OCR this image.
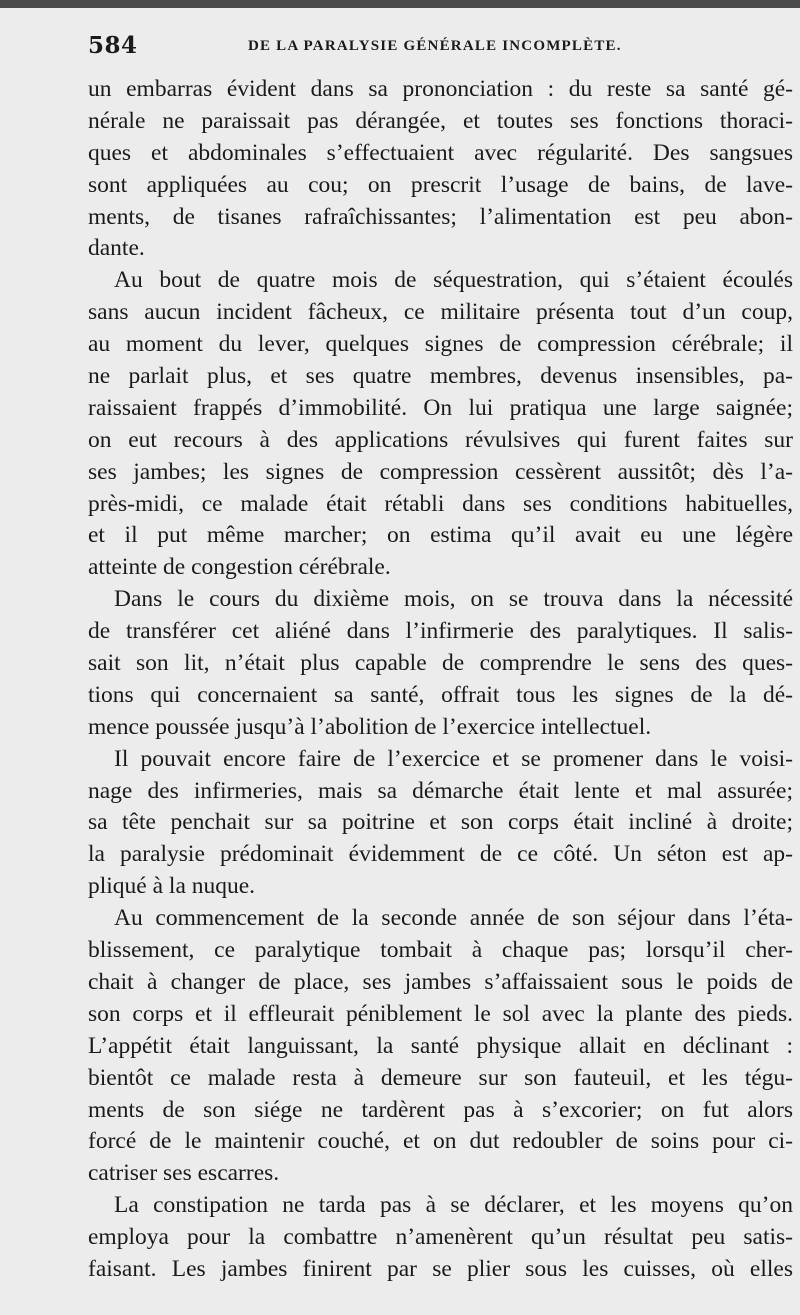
584	DE LA PARALYSIE GÉNÉRALE INCOMPLÈTE.
un embarras évident dans sa prononciation : du reste sa santé gé-
nérale ne paraissait pas dérangée, et toutes ses fonctions thoraci-
ques et abdominales s’effectuaient avec régularité. Des sangsues
sont appliquées au cou; on prescrit l’usage de bains, de lave-
ments, de tisanes rafraîchissantes; l’alimentation est peu abon-
dante.
Au bout de quatre mois de séquestration, qui s’étaient écoulés
sans aucun incident fâcheux, ce militaire présenta tout d’un coup,
au moment du lever, quelques signes de compression cérébrale; il
ne parlait plus, et ses quatre membres, devenus insensibles, pa-
raissaient frappés d’immobilité. On lui pratiqua une large saignée;
on eut recours à des applications révulsives qui furent faites sur
ses jambes; les signes de compression cessèrent aussitôt; dès l’a-
près-midi, ce malade était rétabli dans ses conditions habituelles,
et il put même marcher; on estima qu’il avait eu une légère
atteinte de congestion cérébrale.
Dans le cours du dixième mois, on se trouva dans la nécessité
de transférer cet aliéné dans l’infirmerie des paralytiques. Il salis-
sait son lit, n’était plus capable de comprendre le sens des ques-
tions qui concernaient sa santé, offrait tous les signes de la dé-
mence poussée jusqu’à l’abolition de l’exercice intellectuel.
Il pouvait encore faire de l’exercice et se promener dans le voisi-
nage des infirmeries, mais sa démarche était lente et mal assurée;
sa tête penchait sur sa poitrine et son corps était incliné à droite;
la paralysie prédominait évidemment de ce côté. Un séton est ap-
pliqué à la nuque.
Au commencement de la seconde année de son séjour dans l’éta-
blissement, ce paralytique tombait à chaque pas; lorsqu’il cher-
chait à changer de place, ses jambes s’affaissaient sous le poids de
son corps et il effleurait péniblement le sol avec la plante des pieds.
L’appétit était languissant, la santé physique allait en déclinant :
bientôt ce malade resta à demeure sur son fauteuil, et les tégu-
ments de son siége ne tardèrent pas à s’excorier; on fut alors
forcé de le maintenir couché, et on dut redoubler de soins pour ci-
catriser ses escarres.
La constipation ne tarda pas à se déclarer, et les moyens qu’on
employa pour la combattre n’amenèrent qu’un résultat peu satis-
faisant. Les jambes finirent par se plier sous les cuisses, où elles
